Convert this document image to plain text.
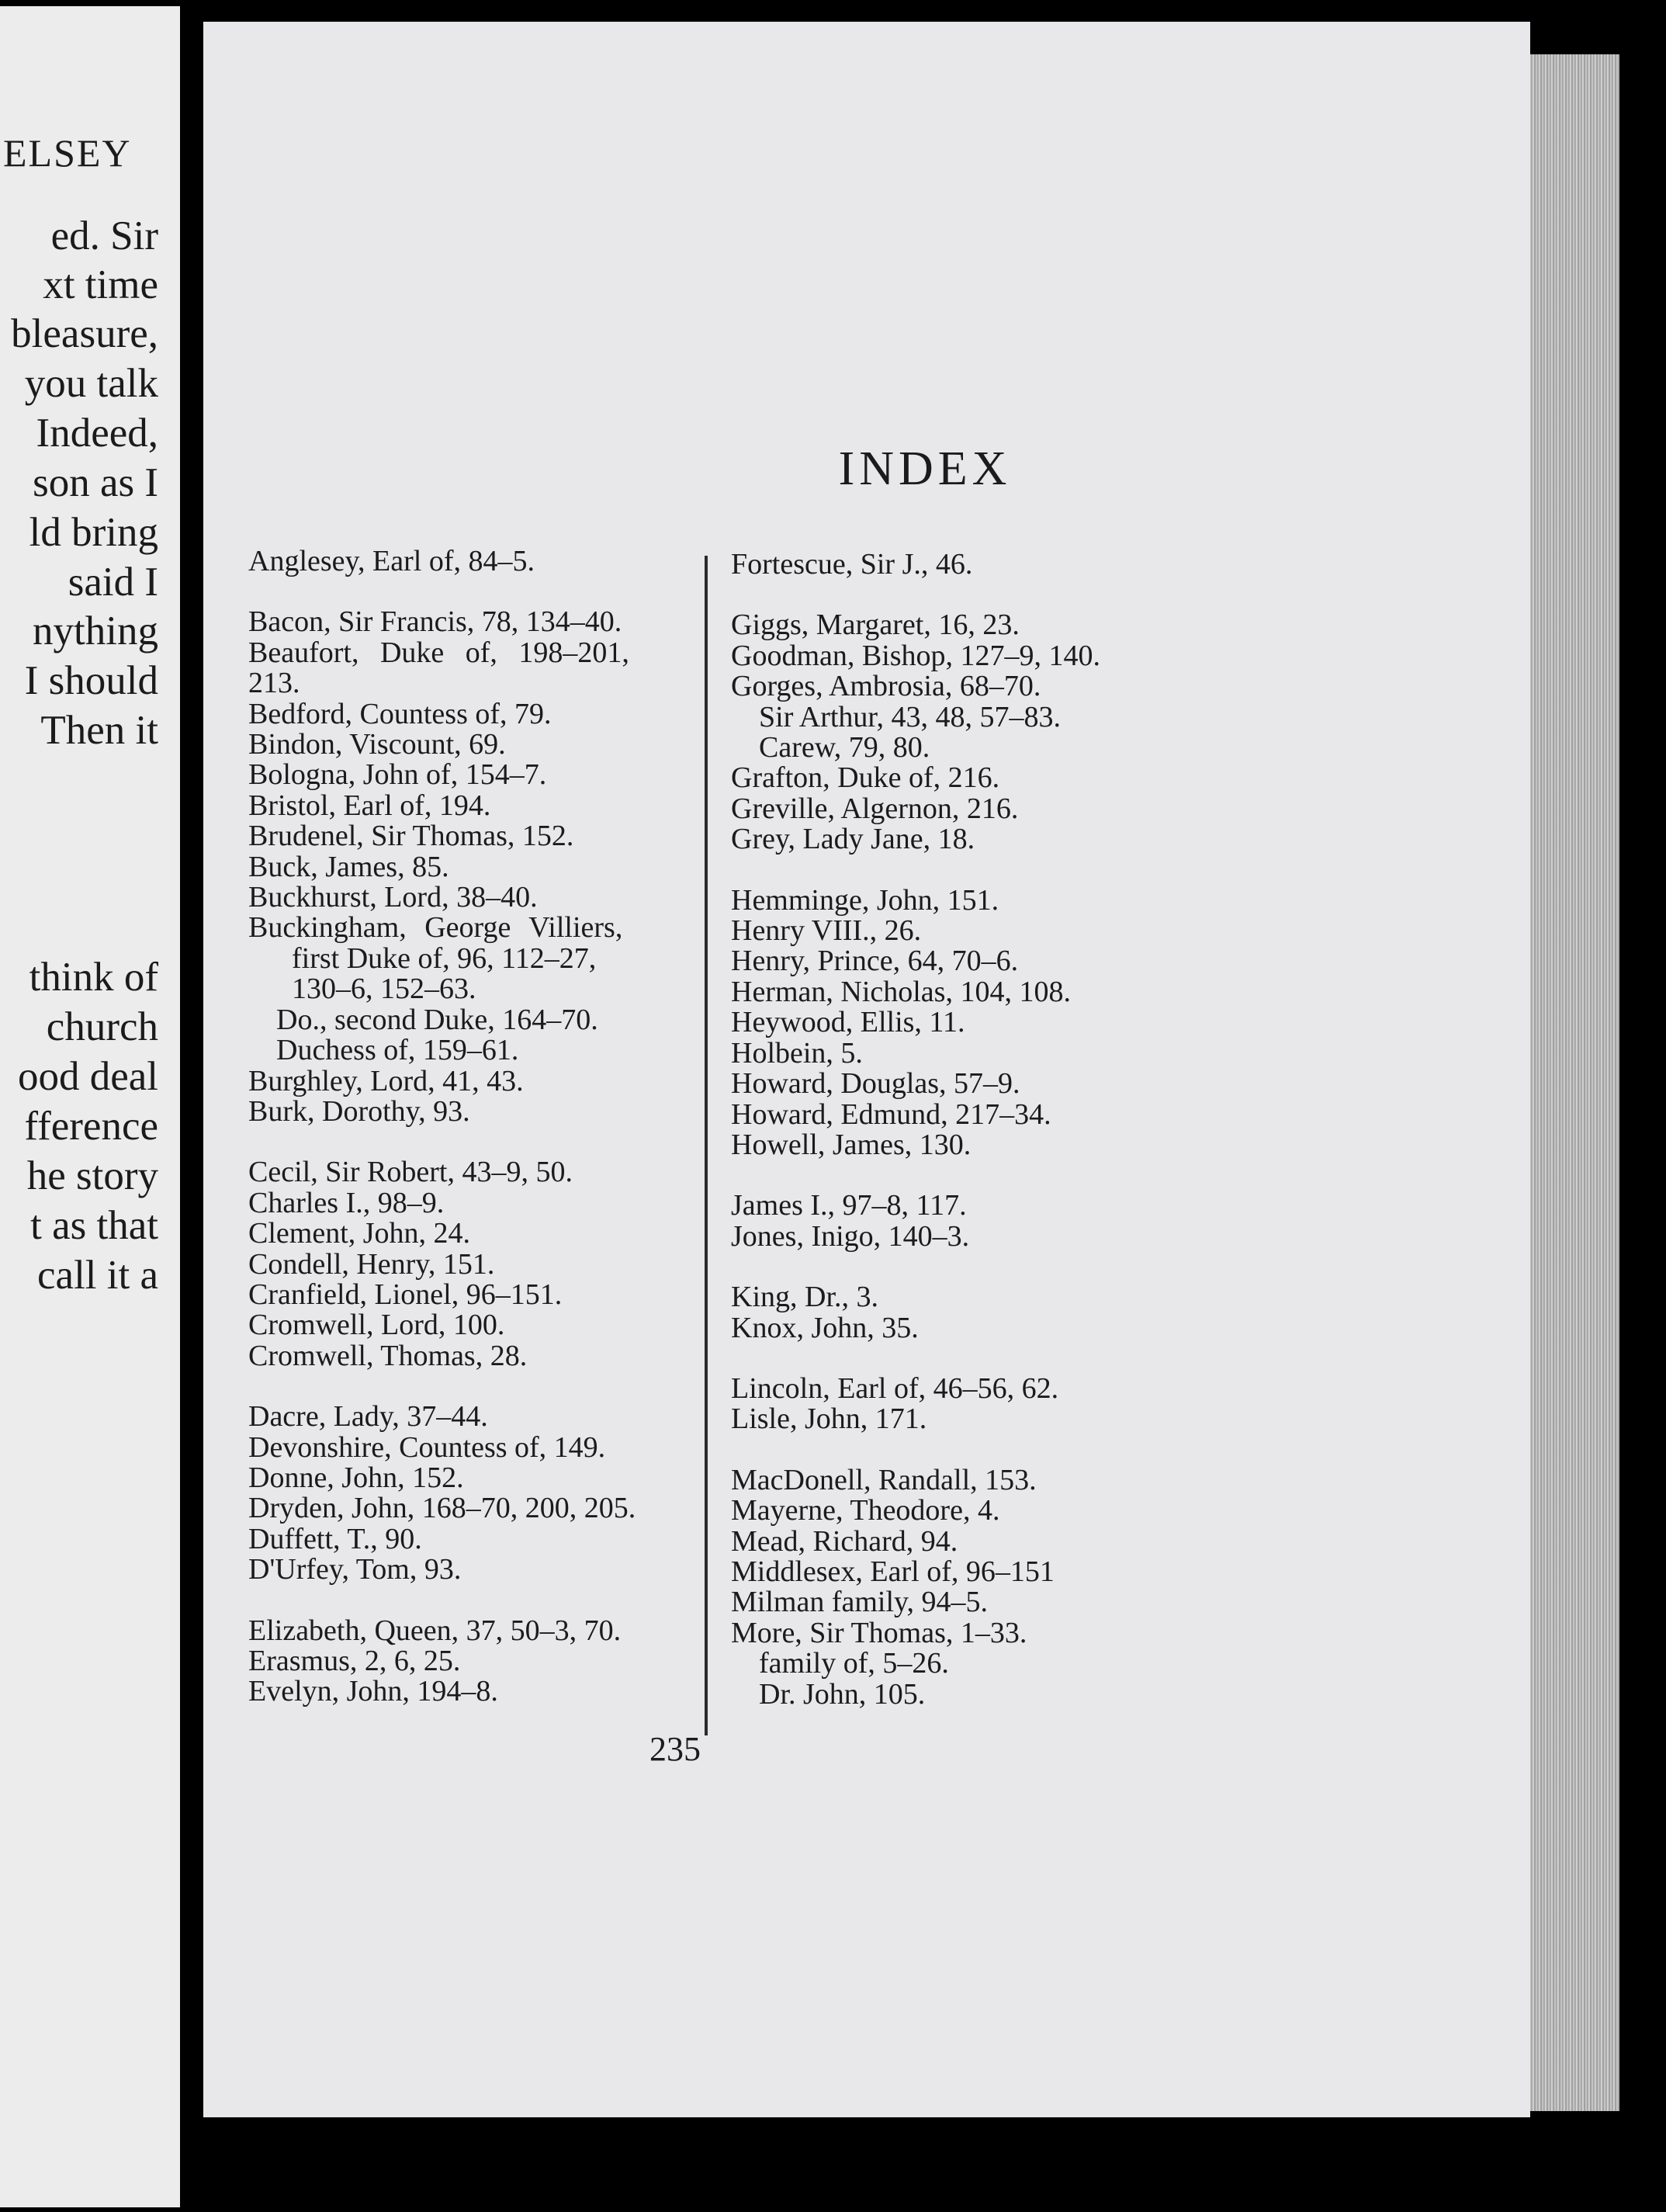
ELSEY
ed. Sir
xt time
bleasure,
you talk
Indeed,
son as I
ld bring
said I
nything
I should
Then it
think of
church
ood deal
fference
he story
t as that
call it a
INDEX
Anglesey, Earl of, 84–5.
Bacon, Sir Francis, 78, 134–40.
Beaufort, Duke of, 198–201,
213.
Bedford, Countess of, 79.
Bindon, Viscount, 69.
Bologna, John of, 154–7.
Bristol, Earl of, 194.
Brudenel, Sir Thomas, 152.
Buck, James, 85.
Buckhurst, Lord, 38–40.
Buckingham, George Villiers,
first Duke of, 96, 112–27,
130–6, 152–63.
Do., second Duke, 164–70.
Duchess of, 159–61.
Burghley, Lord, 41, 43.
Burk, Dorothy, 93.
Cecil, Sir Robert, 43–9, 50.
Charles I., 98–9.
Clement, John, 24.
Condell, Henry, 151.
Cranfield, Lionel, 96–151.
Cromwell, Lord, 100.
Cromwell, Thomas, 28.
Dacre, Lady, 37–44.
Devonshire, Countess of, 149.
Donne, John, 152.
Dryden, John, 168–70, 200, 205.
Duffett, T., 90.
D'Urfey, Tom, 93.
Elizabeth, Queen, 37, 50–3, 70.
Erasmus, 2, 6, 25.
Evelyn, John, 194–8.
Fortescue, Sir J., 46.
Giggs, Margaret, 16, 23.
Goodman, Bishop, 127–9, 140.
Gorges, Ambrosia, 68–70.
Sir Arthur, 43, 48, 57–83.
Carew, 79, 80.
Grafton, Duke of, 216.
Greville, Algernon, 216.
Grey, Lady Jane, 18.
Hemminge, John, 151.
Henry VIII., 26.
Henry, Prince, 64, 70–6.
Herman, Nicholas, 104, 108.
Heywood, Ellis, 11.
Holbein, 5.
Howard, Douglas, 57–9.
Howard, Edmund, 217–34.
Howell, James, 130.
James I., 97–8, 117.
Jones, Inigo, 140–3.
King, Dr., 3.
Knox, John, 35.
Lincoln, Earl of, 46–56, 62.
Lisle, John, 171.
MacDonell, Randall, 153.
Mayerne, Theodore, 4.
Mead, Richard, 94.
Middlesex, Earl of, 96–151
Milman family, 94–5.
More, Sir Thomas, 1–33.
family of, 5–26.
Dr. John, 105.
235
